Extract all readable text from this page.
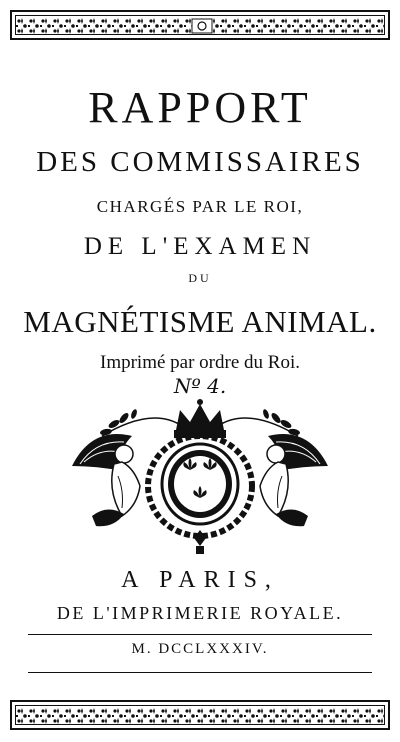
RAPPORT
DES COMMISSAIRES
CHARGÉS PAR LE ROI,
DE L'EXAMEN
DU
MAGNÉTISME ANIMAL.
Imprimé par ordre du Roi.
Nº 4.
A PARIS,
DE L'IMPRIMERIE ROYALE.
M. DCCLXXXIV.
